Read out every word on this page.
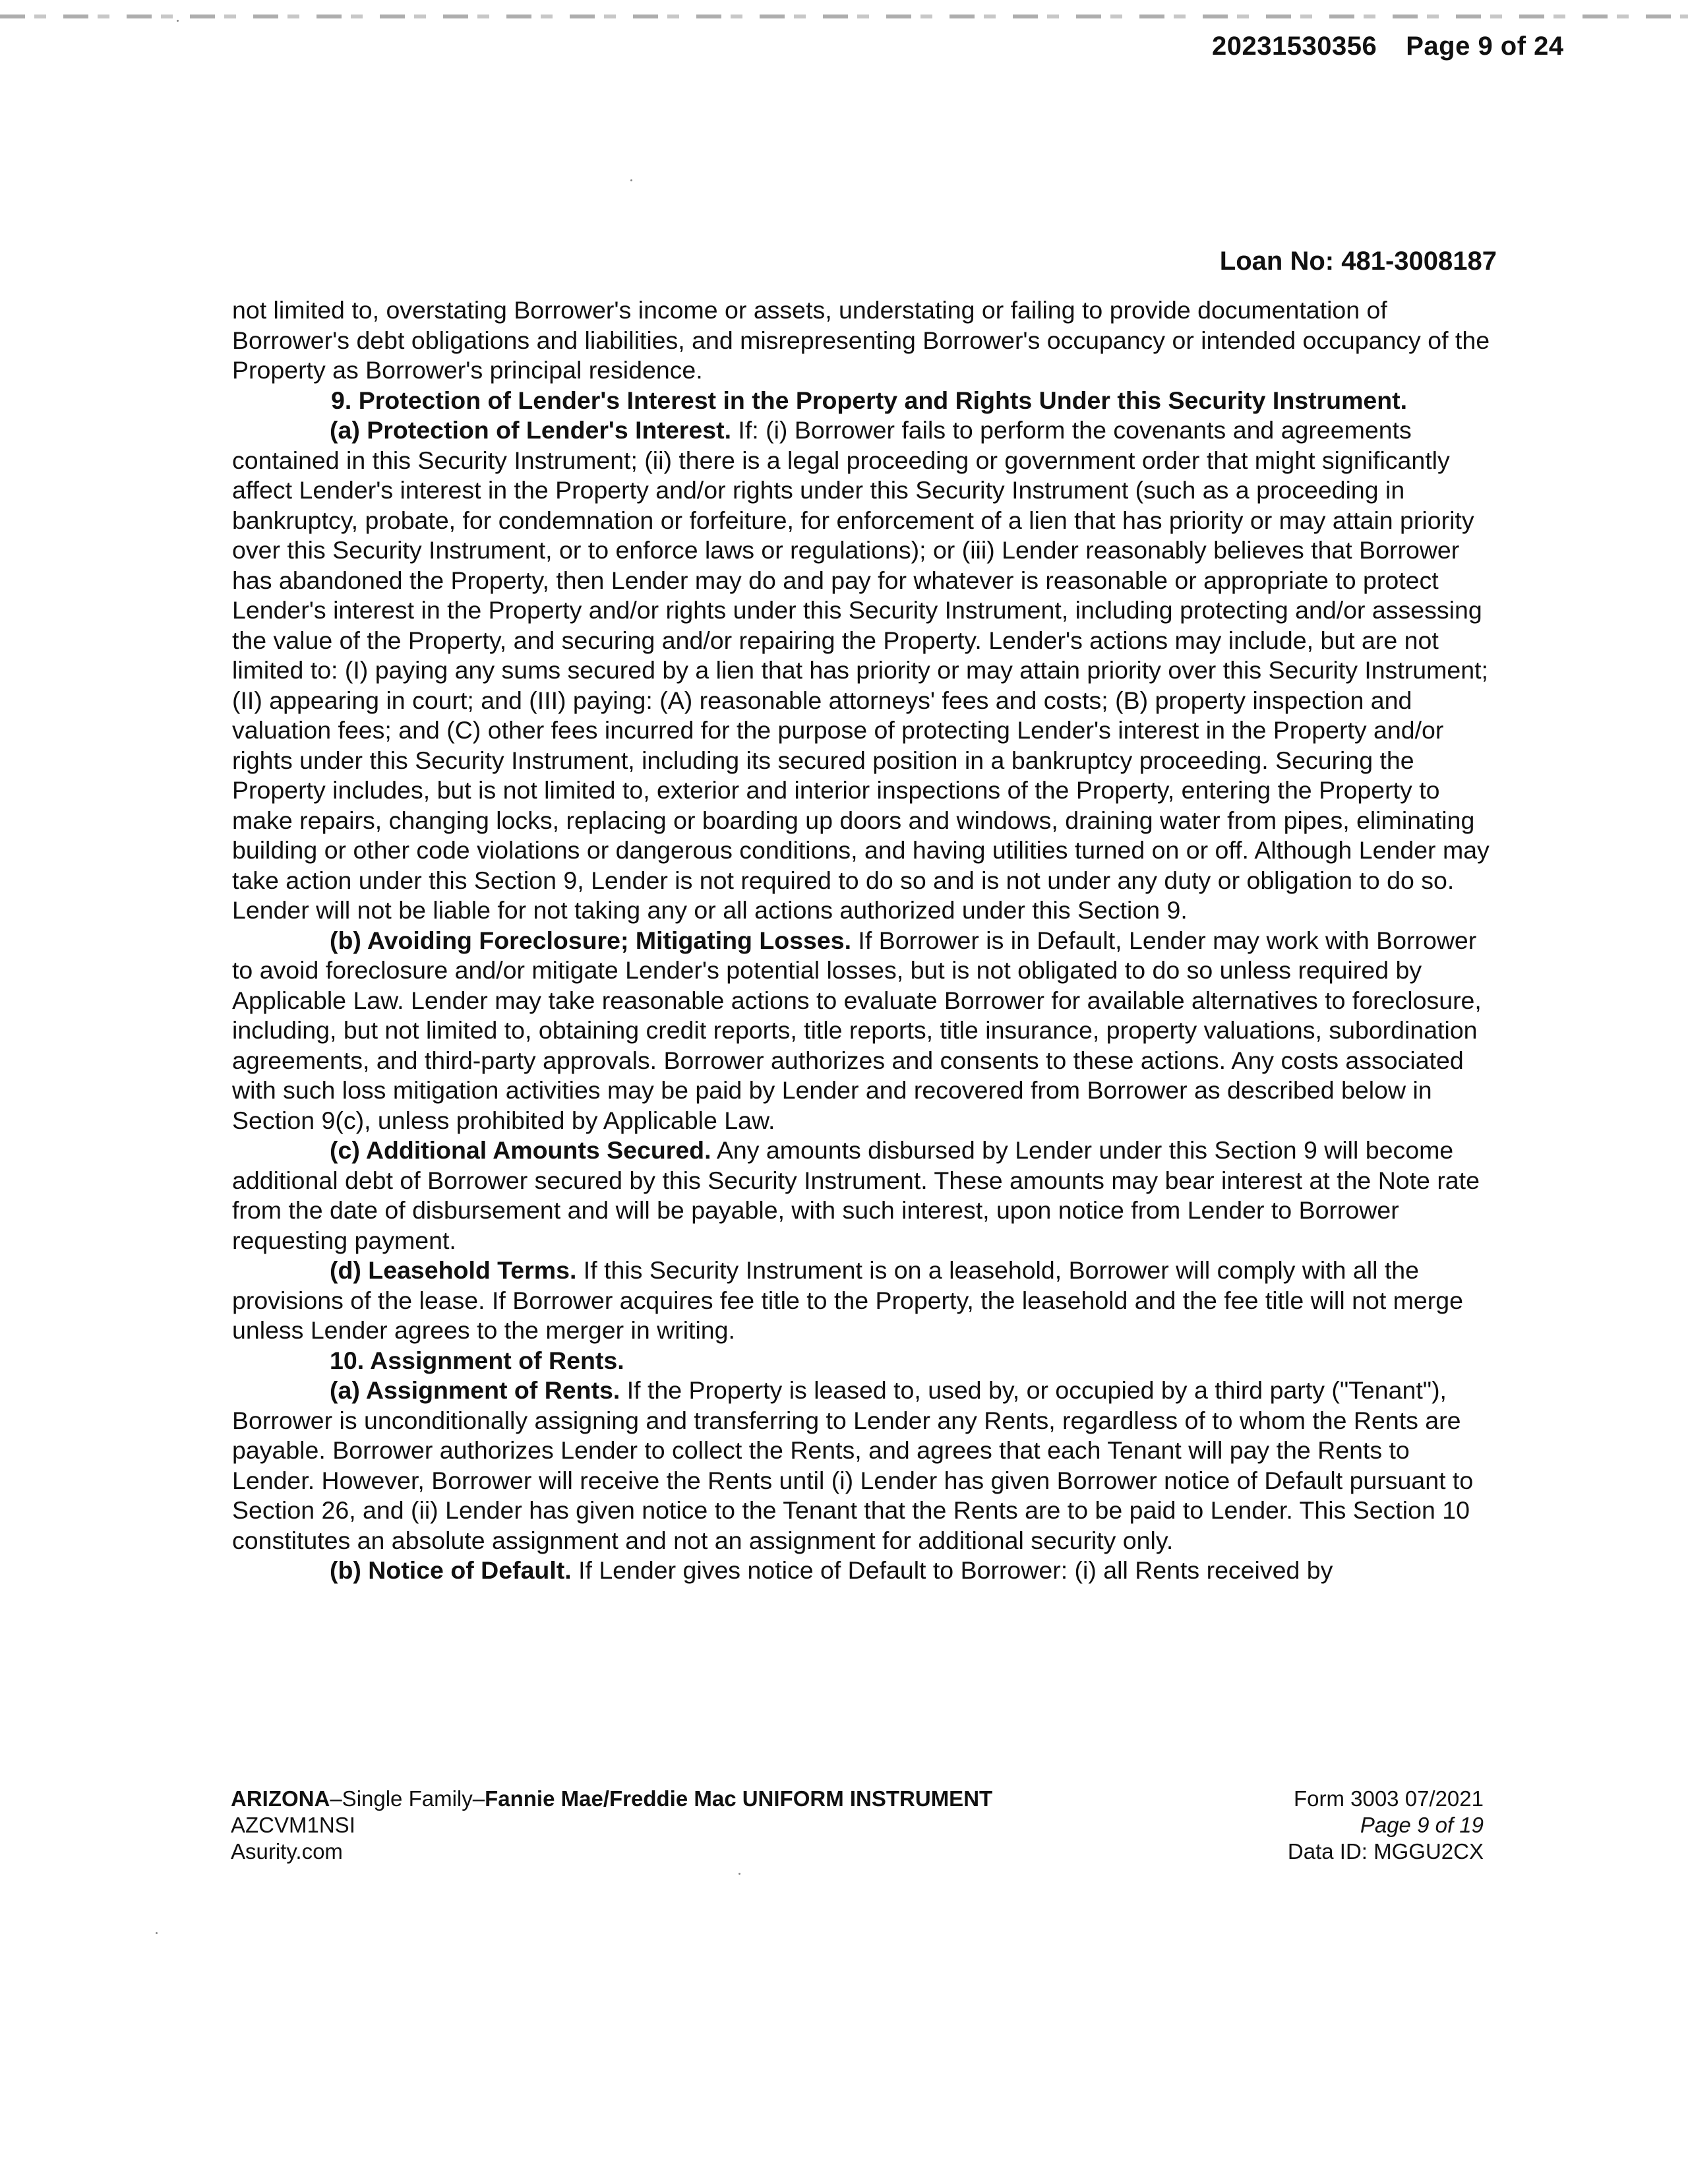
20231530356 Page 9 of 24
Loan No: 481-3008187

not limited to, overstating Borrower's income or assets, understating or failing to provide documentation of Borrower's debt obligations and liabilities, and misrepresenting Borrower's occupancy or intended occupancy of the Property as Borrower's principal residence.

9. Protection of Lender's Interest in the Property and Rights Under this Security Instrument.

(a) Protection of Lender's Interest. If: (i) Borrower fails to perform the covenants and agreements contained in this Security Instrument; (ii) there is a legal proceeding or government order that might significantly affect Lender's interest in the Property and/or rights under this Security Instrument (such as a proceeding in bankruptcy, probate, for condemnation or forfeiture, for enforcement of a lien that has priority or may attain priority over this Security Instrument, or to enforce laws or regulations); or (iii) Lender reasonably believes that Borrower has abandoned the Property, then Lender may do and pay for whatever is reasonable or appropriate to protect Lender's interest in the Property and/or rights under this Security Instrument, including protecting and/or assessing the value of the Property, and securing and/or repairing the Property. Lender's actions may include, but are not limited to: (I) paying any sums secured by a lien that has priority or may attain priority over this Security Instrument; (II) appearing in court; and (III) paying: (A) reasonable attorneys' fees and costs; (B) property inspection and valuation fees; and (C) other fees incurred for the purpose of protecting Lender's interest in the Property and/or rights under this Security Instrument, including its secured position in a bankruptcy proceeding. Securing the Property includes, but is not limited to, exterior and interior inspections of the Property, entering the Property to make repairs, changing locks, replacing or boarding up doors and windows, draining water from pipes, eliminating building or other code violations or dangerous conditions, and having utilities turned on or off. Although Lender may take action under this Section 9, Lender is not required to do so and is not under any duty or obligation to do so. Lender will not be liable for not taking any or all actions authorized under this Section 9.

(b) Avoiding Foreclosure; Mitigating Losses. If Borrower is in Default, Lender may work with Borrower to avoid foreclosure and/or mitigate Lender's potential losses, but is not obligated to do so unless required by Applicable Law. Lender may take reasonable actions to evaluate Borrower for available alternatives to foreclosure, including, but not limited to, obtaining credit reports, title reports, title insurance, property valuations, subordination agreements, and third-party approvals. Borrower authorizes and consents to these actions. Any costs associated with such loss mitigation activities may be paid by Lender and recovered from Borrower as described below in Section 9(c), unless prohibited by Applicable Law.

(c) Additional Amounts Secured. Any amounts disbursed by Lender under this Section 9 will become additional debt of Borrower secured by this Security Instrument. These amounts may bear interest at the Note rate from the date of disbursement and will be payable, with such interest, upon notice from Lender to Borrower requesting payment.

(d) Leasehold Terms. If this Security Instrument is on a leasehold, Borrower will comply with all the provisions of the lease. If Borrower acquires fee title to the Property, the leasehold and the fee title will not merge unless Lender agrees to the merger in writing.

10. Assignment of Rents.

(a) Assignment of Rents. If the Property is leased to, used by, or occupied by a third party ("Tenant"), Borrower is unconditionally assigning and transferring to Lender any Rents, regardless of to whom the Rents are payable. Borrower authorizes Lender to collect the Rents, and agrees that each Tenant will pay the Rents to Lender. However, Borrower will receive the Rents until (i) Lender has given Borrower notice of Default pursuant to Section 26, and (ii) Lender has given notice to the Tenant that the Rents are to be paid to Lender. This Section 10 constitutes an absolute assignment and not an assignment for additional security only.

(b) Notice of Default. If Lender gives notice of Default to Borrower: (i) all Rents received by

ARIZONA–Single Family–Fannie Mae/Freddie Mac UNIFORM INSTRUMENT
AZCVM1NSI
Asurity.com
Form 3003 07/2021
Page 9 of 19
Data ID: MGGU2CX
